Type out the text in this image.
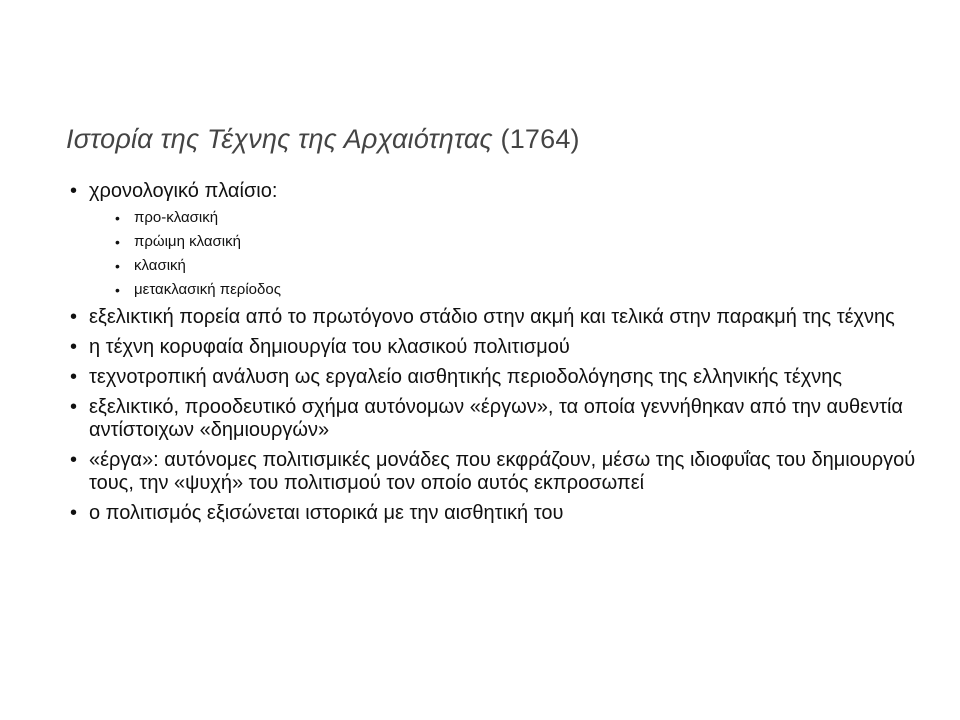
Ιστορία της Τέχνης της Αρχαιότητας (1764)
• χρονολογικό πλαίσιο:
• προ-κλασική
• πρώιμη κλασική
• κλασική
• μετακλασική περίοδος
• εξελικτική πορεία από το πρωτόγονο στάδιο στην ακμή και τελικά στην παρακμή της τέχνης
• η τέχνη κορυφαία δημιουργία του κλασικού πολιτισμού
• τεχνοτροπική ανάλυση ως εργαλείο αισθητικής περιοδολόγησης της ελληνικής τέχνης
• εξελικτικό, προοδευτικό σχήμα αυτόνομων «έργων», τα οποία γεννήθηκαν από την αυθεντία αντίστοιχων «δημιουργών»
• «έργα»: αυτόνομες πολιτισμικές μονάδες που εκφράζουν, μέσω της ιδιοφυΐας του δημιουργού τους, την «ψυχή» του πολιτισμού τον οποίο αυτός εκπροσωπεί
• ο πολιτισμός εξισώνεται ιστορικά με την αισθητική του
